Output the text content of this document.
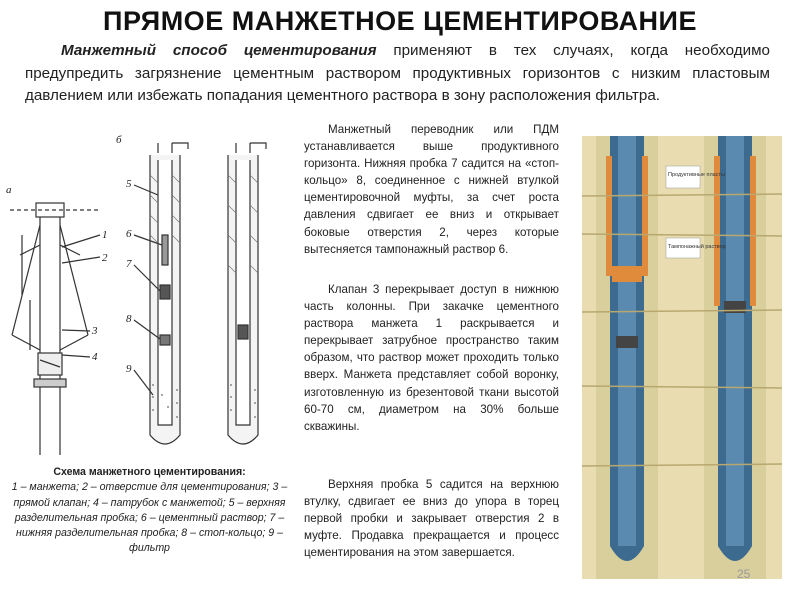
ПРЯМОЕ МАНЖЕТНОЕ ЦЕМЕНТИРОВАНИЕ
Манжетный способ цементирования применяют в тех случаях, когда необходимо предупредить загрязнение цементным раствором продуктивных горизонтов с низким пластовым давлением или избежать попадания цементного раствора в зону расположения фильтра.
а
б
1
2
3
4
5
6
7
8
9
Схема манжетного цементирования:
1 – манжета; 2 – отверстие для цементирования; 3 – прямой клапан; 4 – патрубок с манжетой; 5 – верхняя разделительная пробка; 6 – цементный раствор; 7 – нижняя разделительная пробка; 8 – стоп-кольцо; 9 – фильтр

Манжетный переводник или ПДМ устанавливается выше продуктивного горизонта. Нижняя пробка 7 садится на «стоп-кольцо» 8, соединенное с нижней втулкой цементировочной муфты, за счет роста давления сдвигает ее вниз и открывает боковые отверстия 2, через которые вытесняется тампонажный раствор 6.

Клапан 3 перекрывает доступ в нижнюю часть колонны. При закачке цементного раствора манжета 1 раскрывается и перекрывает затрубное пространство таким образом, что раствор может проходить только вверх. Манжета представляет собой воронку, изготовленную из брезентовой ткани высотой 60-70 см, диаметром на 30% больше скважины.

Верхняя пробка 5 садится на верхнюю втулку, сдвигает ее вниз до упора в торец первой пробки и закрывает отверстия 2 в муфте. Продавка прекращается и процесс цементирования на этом завершается.

Продуктивные пласты
Тампонажный раствор
25
